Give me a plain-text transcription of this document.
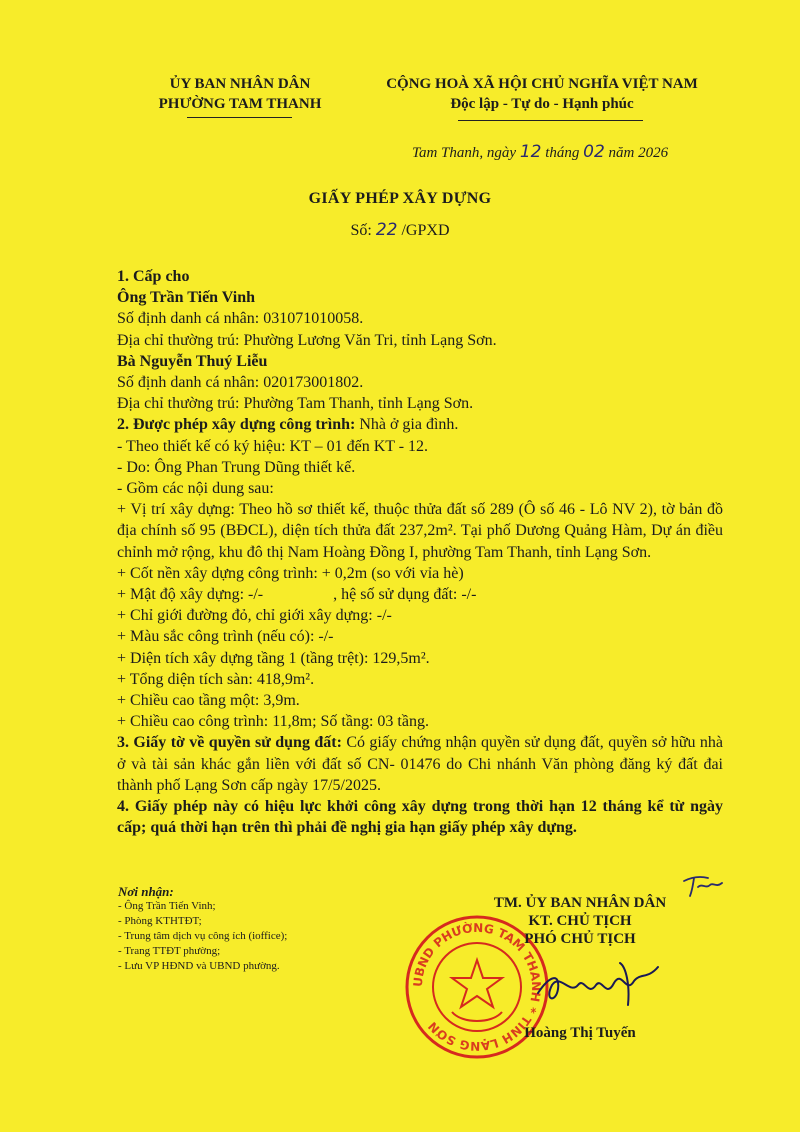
ỦY BAN NHÂN DÂN
PHƯỜNG TAM THANH
CỘNG HOÀ XÃ HỘI CHỦ NGHĨA VIỆT NAM
Độc lập - Tự do - Hạnh phúc
Tam Thanh, ngày 12 tháng 02 năm 2026
GIẤY PHÉP XÂY DỰNG
Số: 22 /GPXD

1. Cấp cho

Ông Trần Tiến Vinh

Số định danh cá nhân: 031071010058.

Địa chỉ thường trú: Phường Lương Văn Tri, tỉnh Lạng Sơn.

Bà Nguyễn Thuý Liễu

Số định danh cá nhân: 020173001802.

Địa chỉ thường trú: Phường Tam Thanh, tỉnh Lạng Sơn.

2. Được phép xây dựng công trình: Nhà ở gia đình.

- Theo thiết kế có ký hiệu: KT – 01 đến KT - 12.

- Do: Ông Phan Trung Dũng thiết kế.

- Gồm các nội dung sau:

+ Vị trí xây dựng: Theo hồ sơ thiết kế, thuộc thửa đất số 289 (Ô số 46 - Lô NV 2), tờ bản đồ địa chính số 95 (BĐCL), diện tích thửa đất 237,2m². Tại phố Dương Quảng Hàm, Dự án điều chỉnh mở rộng, khu đô thị Nam Hoàng Đồng I, phường Tam Thanh, tỉnh Lạng Sơn.

+ Cốt nền xây dựng công trình: + 0,2m (so với vỉa hè)

+ Mật độ xây dựng: -/-	, hệ số sử dụng đất: -/-

+ Chỉ giới đường đỏ, chỉ giới xây dựng: -/-

+ Màu sắc công trình (nếu có): -/-

+ Diện tích xây dựng tầng 1 (tầng trệt): 129,5m².

+ Tổng diện tích sàn: 418,9m².

+ Chiều cao tầng một: 3,9m.

+ Chiều cao công trình: 11,8m; Số tầng: 03 tầng.

3. Giấy tờ về quyền sử dụng đất: Có giấy chứng nhận quyền sử dụng đất, quyền sở hữu nhà ở và tài sản khác gắn liền với đất số CN- 01476 do Chi nhánh Văn phòng đăng ký đất đai thành phố Lạng Sơn cấp ngày 17/5/2025.

4. Giấy phép này có hiệu lực khởi công xây dựng trong thời hạn 12 tháng kể từ ngày cấp; quá thời hạn trên thì phải đề nghị gia hạn giấy phép xây dựng.

Nơi nhận:
- Ông Trần Tiến Vinh;
- Phòng KTHTĐT;
- Trung tâm dịch vụ công ích (ioffice);
- Trang TTĐT phường;
- Lưu VP HĐND và UBND phường.
UBND PHƯỜNG TAM THANH * TỈNH LẠNG SƠN
TM. ỦY BAN NHÂN DÂN
KT. CHỦ TỊCH
PHÓ CHỦ TỊCH
Hoàng Thị Tuyến
